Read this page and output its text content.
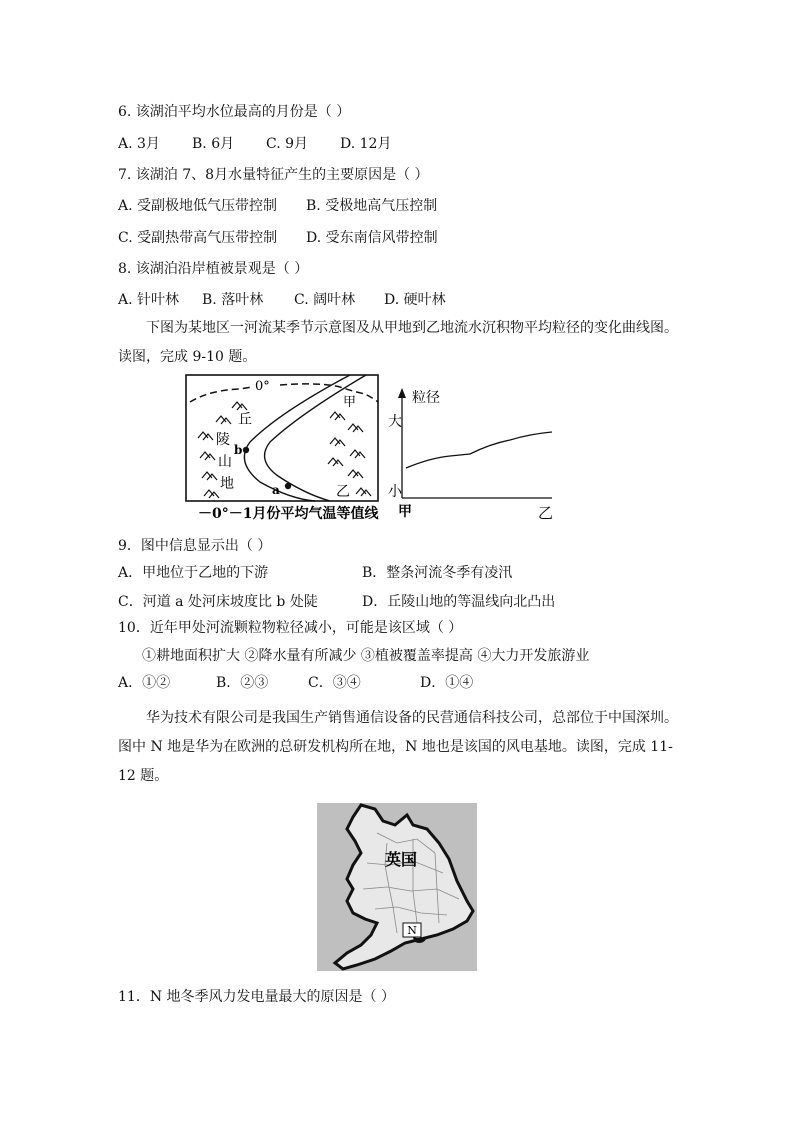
6. 该湖泊平均水位最高的月份是（ ）
A. 3月 B. 6月 C. 9月 D. 12月
7. 该湖泊 7、8月水量特征产生的主要原因是（ ）
A. 受副极地低气压带控制 B. 受极地高气压控制
C. 受副热带高气压带控制 D. 受东南信风带控制
8. 该湖泊沿岸植被景观是（ ）
A. 针叶林 B. 落叶林 C. 阔叶林 D. 硬叶林
下图为某地区一河流某季节示意图及从甲地到乙地流水沉积物平均粒径的变化曲线图。读图，完成 9-10 题。
0°
b
a
甲
乙
丘
陵
山
地
－0°－1月份平均气温等值线
粒径
大
小
甲	乙
9．图中信息显示出（ ）
A．甲地位于乙地的下游	B．整条河流冬季有凌汛
C．河道 a 处河床坡度比 b 处陡	D．丘陵山地的等温线向北凸出
10．近年甲处河流颗粒物粒径减小，可能是该区域（ ）
①耕地面积扩大 ②降水量有所减少 ③植被覆盖率提高 ④大力开发旅游业
A．①②	B．②③	C．③④	D．①④
华为技术有限公司是我国生产销售通信设备的民营通信科技公司，总部位于中国深圳。图中 N 地是华为在欧洲的总研发机构所在地，N 地也是该国的风电基地。读图，完成 11-12 题。
英国
N
11．N 地冬季风力发电量最大的原因是（ ）
